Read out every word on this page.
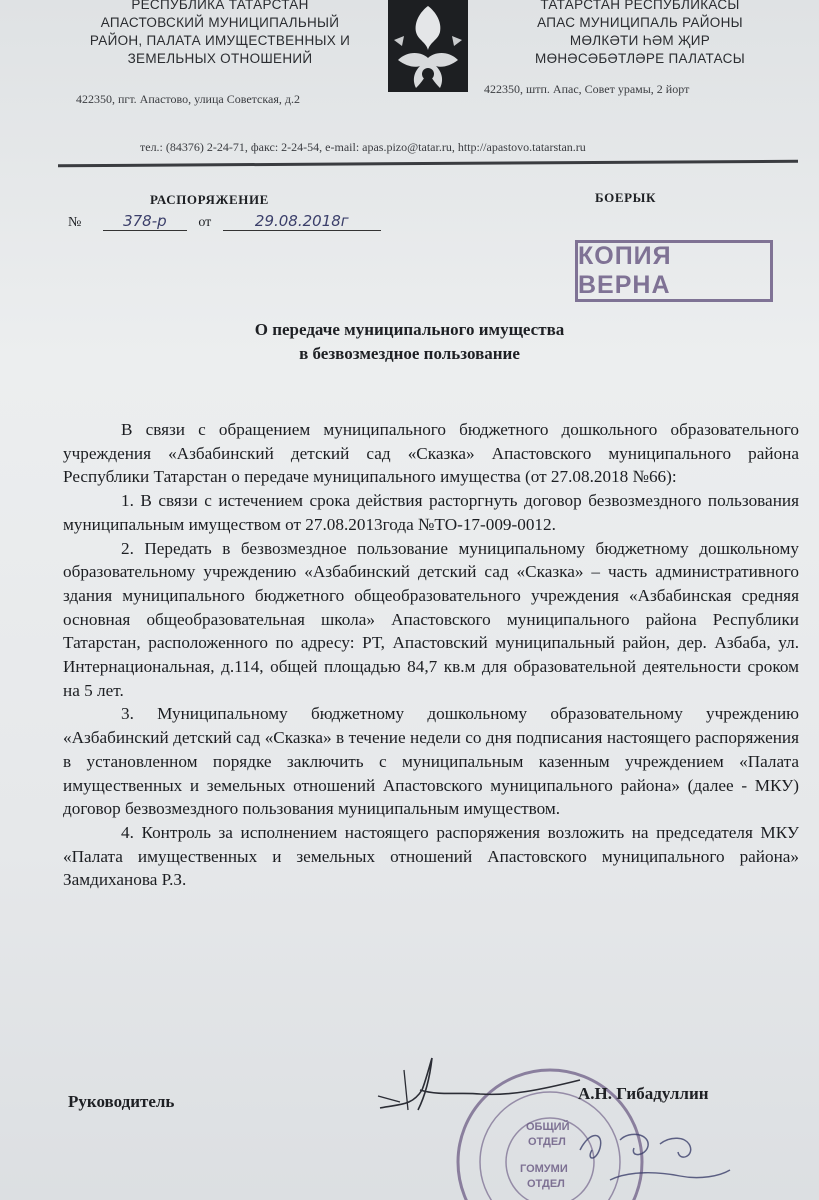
РЕСПУБЛИКА ТАТАРСТАН
АПАСТОВСКИЙ МУНИЦИПАЛЬНЫЙ
РАЙОН, ПАЛАТА ИМУЩЕСТВЕННЫХ И
ЗЕМЕЛЬНЫХ ОТНОШЕНИЙ
ТАТАРСТАН РЕСПУБЛИКАСЫ
АПАС МУНИЦИПАЛЬ РАЙОНЫ
МӨЛКӘТИ ҺӘМ ҖИР
МӨНӘСӘБӘТЛӘРЕ ПАЛАТАСЫ
422350, пгт. Апастово, улица Советская, д.2
422350, штп. Апас, Совет урамы, 2 йорт
тел.: (84376) 2-24-71, факс: 2-24-54, e-mail: apas.pizo@tatar.ru, http://apastovo.tatarstan.ru
РАСПОРЯЖЕНИЕ	БОЕРЫК
№	378-р от	29.08.2018г
КОПИЯ ВЕРНА
О передаче муниципального имущества
в безвозмездное пользование

В связи с обращением муниципального бюджетного дошкольного образовательного учреждения «Азбабинский детский сад «Сказка» Апастовского муниципального района Республики Татарстан о передаче муниципального имущества (от 27.08.2018 №66):

1. В связи с истечением срока действия расторгнуть договор безвозмездного пользования муниципальным имуществом от 27.08.2013года №ТО-17-009-0012.

2. Передать в безвозмездное пользование муниципальному бюджетному дошкольному образовательному учреждению «Азбабинский детский сад «Сказка» – часть административного здания муниципального бюджетного общеобразовательного учреждения «Азбабинская средняя основная общеобразовательная школа» Апастовского муниципального района Республики Татарстан, расположенного по адресу: РТ, Апастовский муниципальный район, дер. Азбаба, ул. Интернациональная, д.114, общей площадью 84,7 кв.м для образовательной деятельности сроком на 5 лет.

3. Муниципальному бюджетному дошкольному образовательному учреждению «Азбабинский детский сад «Сказка» в течение недели со дня подписания настоящего распоряжения в установленном порядке заключить с муниципальным казенным учреждением «Палата имущественных и земельных отношений Апастовского муниципального района» (далее - МКУ) договор безвозмездного пользования муниципальным имуществом.

4. Контроль за исполнением настоящего распоряжения возложить на председателя МКУ «Палата имущественных и земельных отношений Апастовского муниципального района» Замдиханова Р.З.

Руководитель
ОБЩИЙ
ОТДЕЛ
ГОМУМИ
ОТДЕЛ
А.Н. Гибадуллин
